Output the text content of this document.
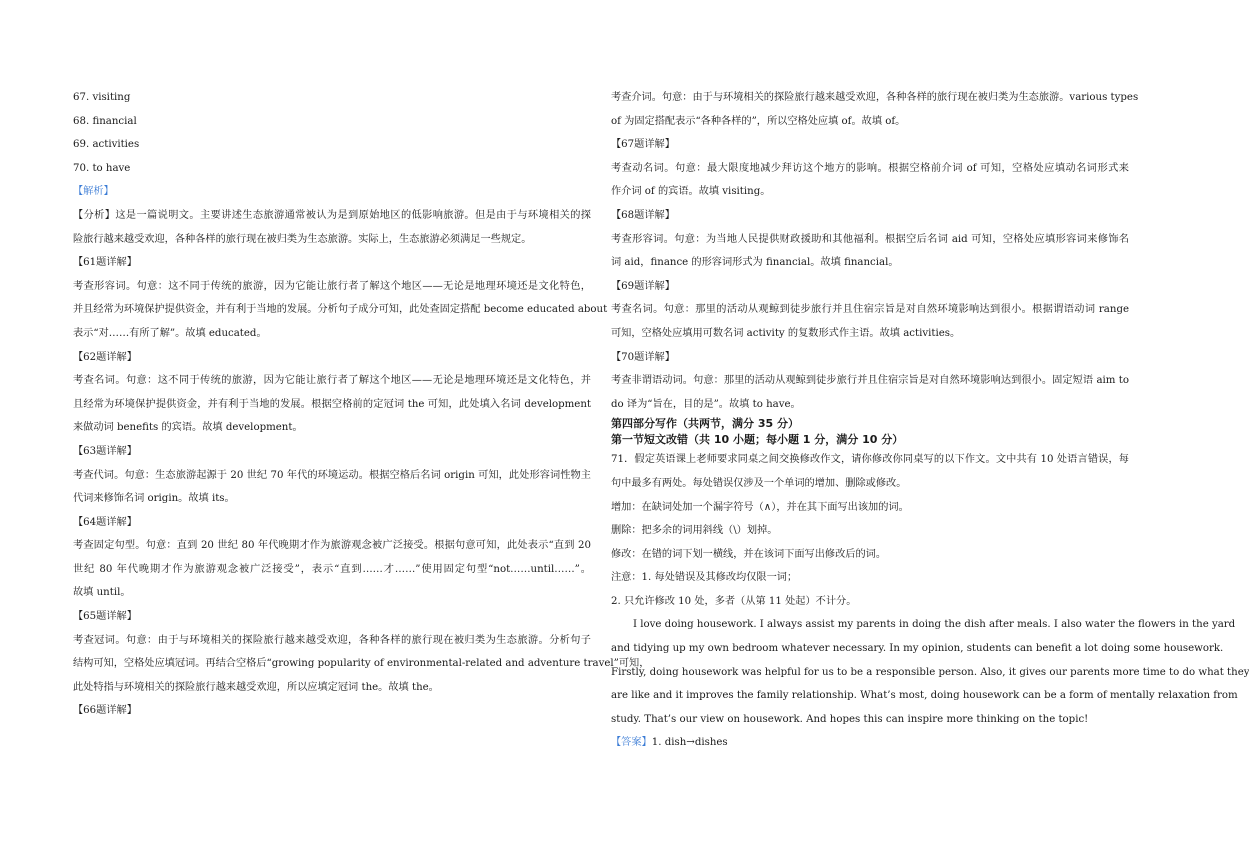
67. visiting
68. financial
69. activities
70. to have
【解析】
【分析】这是一篇说明文。主要讲述生态旅游通常被认为是到原始地区的低影响旅游。但是由于与环境相关的探
险旅行越来越受欢迎，各种各样的旅行现在被归类为生态旅游。实际上，生态旅游必须满足一些规定。
【61题详解】
考查形容词。句意：这不同于传统的旅游，因为它能让旅行者了解这个地区——无论是地理环境还是文化特色，
并且经常为环境保护提供资金，并有利于当地的发展。分析句子成分可知，此处查固定搭配 become educated about
表示“对……有所了解”。故填 educated。
【62题详解】
考查名词。句意：这不同于传统的旅游，因为它能让旅行者了解这个地区——无论是地理环境还是文化特色，并
且经常为环境保护提供资金，并有利于当地的发展。根据空格前的定冠词 the 可知，此处填入名词 development
来做动词 benefits 的宾语。故填 development。
【63题详解】
考查代词。句意：生态旅游起源于 20 世纪 70 年代的环境运动。根据空格后名词 origin 可知，此处形容词性物主
代词来修饰名词 origin。故填 its。
【64题详解】
考查固定句型。句意：直到 20 世纪 80 年代晚期才作为旅游观念被广泛接受。根据句意可知，此处表示“直到 20
世纪 80 年代晚期才作为旅游观念被广泛接受”，表示“直到……才……”使用固定句型“not……until……”。
故填 until。
【65题详解】
考查冠词。句意：由于与环境相关的探险旅行越来越受欢迎，各种各样的旅行现在被归类为生态旅游。分析句子
结构可知，空格处应填冠词。再结合空格后“growing popularity of environmental-related and adventure travel”可知，
此处特指与环境相关的探险旅行越来越受欢迎，所以应填定冠词 the。故填 the。
【66题详解】
考查介词。句意：由于与环境相关的探险旅行越来越受欢迎，各种各样的旅行现在被归类为生态旅游。various types
of 为固定搭配表示“各种各样的”，所以空格处应填 of。故填 of。
【67题详解】
考查动名词。句意：最大限度地减少拜访这个地方的影响。根据空格前介词 of 可知，空格处应填动名词形式来
作介词 of 的宾语。故填 visiting。
【68题详解】
考查形容词。句意：为当地人民提供财政援助和其他福利。根据空后名词 aid 可知，空格处应填形容词来修饰名
词 aid，finance 的形容词形式为 financial。故填 financial。
【69题详解】
考查名词。句意：那里的活动从观鲸到徒步旅行并且住宿宗旨是对自然环境影响达到很小。根据谓语动词 range
可知，空格处应填用可数名词 activity 的复数形式作主语。故填 activities。
【70题详解】
考查非谓语动词。句意：那里的活动从观鲸到徒步旅行并且住宿宗旨是对自然环境影响达到很小。固定短语 aim to
do 译为“旨在，目的是”。故填 to have。
第四部分写作（共两节，满分 35 分）
第一节短文改错（共 10 小题；每小题 1 分，满分 10 分）
71．假定英语课上老师要求同桌之间交换修改作文，请你修改你同桌写的以下作文。文中共有 10 处语言错误，每
句中最多有两处。每处错误仅涉及一个单词的增加、删除或修改。
增加：在缺词处加一个漏字符号（∧），并在其下面写出该加的词。
删除：把多余的词用斜线（\）划掉。
修改：在错的词下划一横线，并在该词下面写出修改后的词。
注意：1. 每处错误及其修改均仅限一词；
2. 只允许修改 10 处，多者（从第 11 处起）不计分。
I love doing housework. I always assist my parents in doing the dish after meals. I also water the flowers in the yard
and tidying up my own bedroom whatever necessary. In my opinion, students can benefit a lot doing some housework.
Firstly, doing housework was helpful for us to be a responsible person. Also, it gives our parents more time to do what they
are like and it improves the family relationship. What’s most, doing housework can be a form of mentally relaxation from
study. That’s our view on housework. And hopes this can inspire more thinking on the topic!
【答案】1. dish→dishes
